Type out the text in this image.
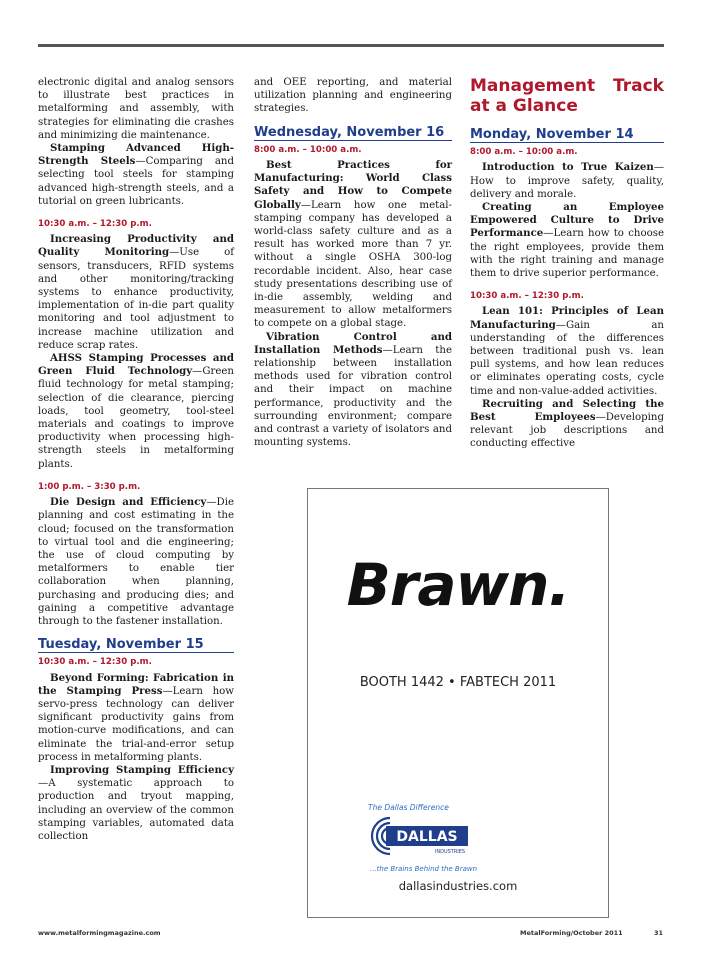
electronic digital and analog sensors to illustrate best practices in metalforming and assembly, with strategies for eliminating die crashes and minimizing die maintenance.

Stamping Advanced High-Strength Steels—Comparing and selecting tool steels for stamping advanced high-strength steels, and a tutorial on green lubricants.

10:30 a.m. – 12:30 p.m.

Increasing Productivity and Quality Monitoring—Use of sensors, transducers, RFID systems and other monitoring/tracking systems to enhance productivity, implementation of in-die part quality monitoring and tool adjustment to increase machine utilization and reduce scrap rates.

AHSS Stamping Processes and Green Fluid Technology—Green fluid technology for metal stamping; selection of die clearance, piercing loads, tool geometry, tool-steel materials and coatings to improve productivity when processing high-strength steels in metalforming plants.

1:00 p.m. – 3:30 p.m.

Die Design and Efficiency—Die planning and cost estimating in the cloud; focused on the transformation to virtual tool and die engineering; the use of cloud computing by metalformers to enable tier collaboration when planning, purchasing and producing dies; and gaining a competitive advantage through to the fastener installation.

Tuesday, November 15
10:30 a.m. – 12:30 p.m.

Beyond Forming: Fabrication in the Stamping Press—Learn how servo-press technology can deliver significant productivity gains from motion-curve modifications, and can eliminate the trial-and-error setup process in metalforming plants.

Improving Stamping Efficiency—A systematic approach to production and tryout mapping, including an overview of the common stamping variables, automated data collection

and OEE reporting, and material utilization planning and engineering strategies.

Wednesday, November 16
8:00 a.m. – 10:00 a.m.

Best Practices for Manufacturing: World Class Safety and How to Compete Globally—Learn how one metal-stamping company has developed a world-class safety culture and as a result has worked more than 7 yr. without a single OSHA 300-log recordable incident. Also, hear case study presentations describing use of in-die assembly, welding and measurement to allow metalformers to compete on a global stage.

Vibration Control and Installation Methods—Learn the relationship between installation methods used for vibration control and their impact on machine performance, productivity and the surrounding environment; compare and contrast a variety of isolators and mounting systems.

Management Track at a Glance
Monday, November 14
8:00 a.m. – 10:00 a.m.

Introduction to True Kaizen—How to improve safety, quality, delivery and morale.

Creating an Employee Empowered Culture to Drive Performance—Learn how to choose the right employees, provide them with the right training and manage them to drive superior performance.

10:30 a.m. – 12:30 p.m.

Lean 101: Principles of Lean Manufacturing—Gain an understanding of the differences between traditional push vs. lean pull systems, and how lean reduces or eliminates operating costs, cycle time and non-value-added activities.

Recruiting and Selecting the Best Employees—Developing relevant job descriptions and conducting effective

Brawn.
BOOTH 1442 • FABTECH 2011
The Dallas Difference
DALLAS
INDUSTRIES
...the Brains Behind the Brawn
dallasindustries.com
www.metalformingmagazine.com	MetalForming/October 2011	31
